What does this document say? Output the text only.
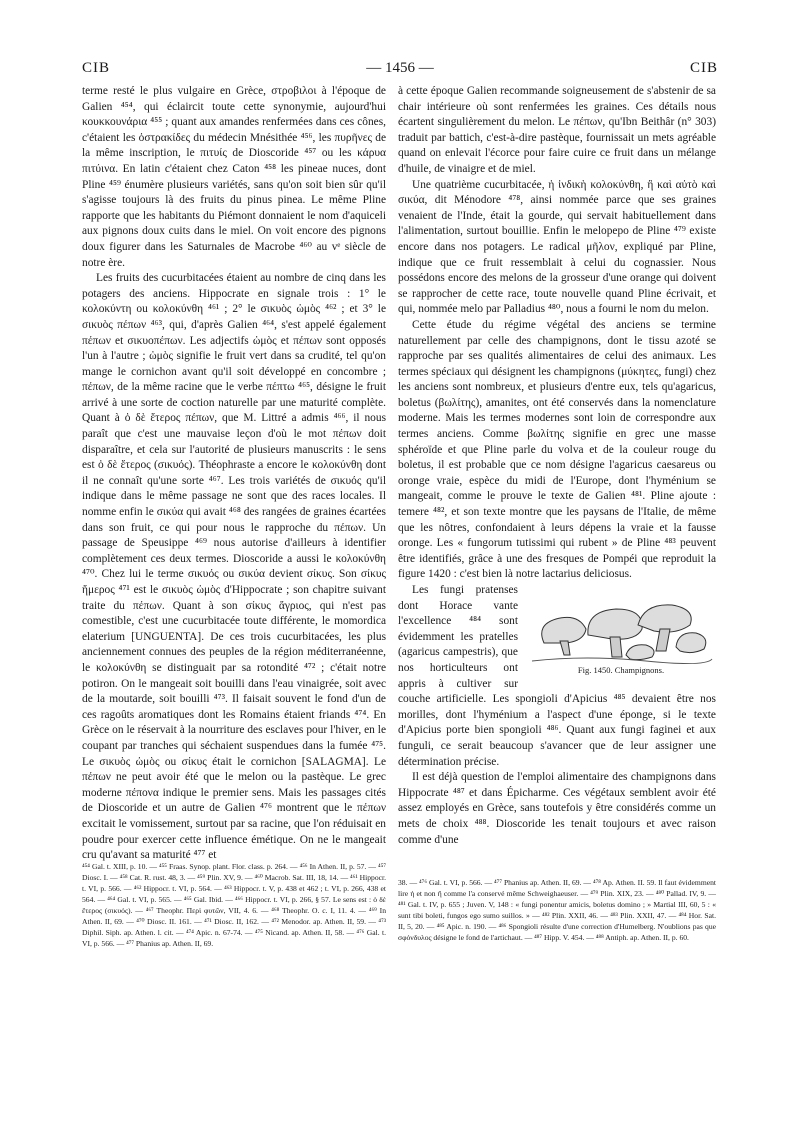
CIB	— 1456 —	CIB

terme resté le plus vulgaire en Grèce, στροβιλοι à l'époque de Galien ⁴⁵⁴, qui éclaircit toute cette synonymie, aujourd'hui κουκκουνάρια ⁴⁵⁵ ; quant aux amandes renfermées dans ces cônes, c'étaient les ὀστρακίδες du médecin Mnésithée ⁴⁵⁶, les πυρῆνες de la même inscription, le πιτυίς de Dioscoride ⁴⁵⁷ ou les κάρυα πιτύινα. En latin c'étaient chez Caton ⁴⁵⁸ les pineae nuces, dont Pline ⁴⁵⁹ énumère plusieurs variétés, sans qu'on soit bien sûr qu'il s'agisse toujours là des fruits du pinus pinea. Le même Pline rapporte que les habitants du Piémont donnaient le nom d'aquiceli aux pignons doux cuits dans le miel. On voit encore des pignons doux figurer dans les Saturnales de Macrobe ⁴⁶⁰ au vᵉ siècle de notre ère.

Les fruits des cucurbitacées étaient au nombre de cinq dans les potagers des anciens. Hippocrate en signale trois : 1° le κολοκύντη ou κολοκύνθη ⁴⁶¹ ; 2° le σικυὸς ὠμὸς ⁴⁶² ; et 3° le σικυὸς πέπων ⁴⁶³, qui, d'après Galien ⁴⁶⁴, s'est appelé également πέπων et σικυοπέπων. Les adjectifs ὠμὸς et πέπων sont opposés l'un à l'autre ; ὠμὸς signifie le fruit vert dans sa crudité, tel qu'on mange le cornichon avant qu'il soit développé en concombre ; πέπων, de la même racine que le verbe πέπτω ⁴⁶⁵, désigne le fruit arrivé à une sorte de coction naturelle par une maturité complète. Quant à ὁ δὲ ἕτερος πέπων, que M. Littré a admis ⁴⁶⁶, il nous paraît que c'est une mauvaise leçon d'où le mot πέπων doit disparaître, et cela sur l'autorité de plusieurs manuscrits : le sens est ὁ δὲ ἕτερος (σικυός). Théophraste a encore le κολοκύνθη dont il ne connaît qu'une sorte ⁴⁶⁷. Les trois variétés de σικυός qu'il indique dans le même passage ne sont que des races locales. Il nomme enfin le σικύα qui avait ⁴⁶⁸ des rangées de graines écartées dans son fruit, ce qui pour nous le rapproche du πέπων. Un passage de Speusippe ⁴⁶⁹ nous autorise d'ailleurs à identifier complètement ces deux termes. Dioscoride a aussi le κολοκύνθη ⁴⁷⁰. Chez lui le terme σικυός ou σικύα devient σίκυς. Son σίκυς ἥμερος ⁴⁷¹ est le σικυὸς ὠμὸς d'Hippocrate ; son chapitre suivant traite du πέπων. Quant à son σίκυς ἄγριος, qui n'est pas comestible, c'est une cucurbitacée toute différente, le momordica elaterium [UNGUENTA]. De ces trois cucurbitacées, les plus anciennement connues des peuples de la région méditerranéenne, le κολοκύνθη se distinguait par sa rotondité ⁴⁷² ; c'était notre potiron. On le mangeait soit bouilli dans l'eau vinaigrée, soit avec de la moutarde, soit bouilli ⁴⁷³. Il faisait souvent le fond d'un de ces ragoûts aromatiques dont les Romains étaient friands ⁴⁷⁴. En Grèce on le réservait à la nourriture des esclaves pour l'hiver, en le coupant par tranches qui séchaient suspendues dans la fumée ⁴⁷⁵. Le σικυὸς ὠμὸς ou σίκυς était le cornichon [SALAGMA]. Le πέπων ne peut avoir été que le melon ou la pastèque. Le grec moderne πέπονα indique le premier sens. Mais les passages cités de Dioscoride et un autre de Galien ⁴⁷⁶ montrent que le πέπων excitait le vomissement, surtout par sa racine, que l'on réduisait en poudre pour exercer cette influence émétique. On ne le mangeait cru qu'avant sa maturité ⁴⁷⁷ et

à cette époque Galien recommande soigneusement de s'abstenir de sa chair intérieure où sont renfermées les graines. Ces détails nous écartent singulièrement du melon. Le πέπων, qu'Ibn Beithâr (n° 303) traduit par battich, c'est-à-dire pastèque, fournissait un mets agréable quand on enlevait l'écorce pour faire cuire ce fruit dans un mélange d'huile, de vinaigre et de miel.

Une quatrième cucurbitacée, ἡ ἰνδικὴ κολοκύνθη, ἢ καὶ αὐτὸ καὶ σικύα, dit Ménodore ⁴⁷⁸, ainsi nommée parce que ses graines venaient de l'Inde, était la gourde, qui servait habituellement dans l'alimentation, surtout bouillie. Enfin le melopepo de Pline ⁴⁷⁹ existe encore dans nos potagers. Le radical μῆλον, expliqué par Pline, indique que ce fruit ressemblait à celui du cognassier. Nous possédons encore des melons de la grosseur d'une orange qui doivent se rapprocher de cette race, toute nouvelle quand Pline écrivait, et qui, nommée melo par Palladius ⁴⁸⁰, nous a fourni le nom du melon.

Cette étude du régime végétal des anciens se termine naturellement par celle des champignons, dont le tissu azoté se rapproche par ses qualités alimentaires de celui des animaux. Les termes spéciaux qui désignent les champignons (μύκητες, fungi) chez les anciens sont nombreux, et plusieurs d'entre eux, tels qu'agaricus, boletus (βωλίτης), amanites, ont été conservés dans la nomenclature moderne. Mais les termes modernes sont loin de correspondre aux termes anciens. Comme βωλίτης signifie en grec une masse sphéroïde et que Pline parle du volva et de la couleur rouge du boletus, il est probable que ce nom désigne l'agaricus caesareus ou oronge vraie, espèce du midi de l'Europe, dont l'hyménium se mangeait, comme le prouve le texte de Galien ⁴⁸¹. Pline ajoute : temere ⁴⁸², et son texte montre que les paysans de l'Italie, de même que les nôtres, confondaient à leurs dépens la vraie et la fausse oronge. Les « fungorum tutissimi qui rubent » de Pline ⁴⁸³ peuvent être identifiés, grâce à une des fresques de Pompéi que reproduit la figure 1420 : c'est bien là notre lactarius deliciosus.

Fig. 1450. Champignons.

Les fungi pratenses dont Horace vante l'excellence ⁴⁸⁴ sont évidemment les pratelles (agaricus campestris), que nos horticulteurs ont appris à cultiver sur couche artificielle. Les spongioli d'Apicius ⁴⁸⁵ devaient être nos morilles, dont l'hyménium a l'aspect d'une éponge, si le texte d'Apicius porte bien spongioli ⁴⁸⁶. Quant aux fungi faginei et aux funguli, ce serait beaucoup s'avancer que de leur assigner une détermination précise.

Il est déjà question de l'emploi alimentaire des champignons dans Hippocrate ⁴⁸⁷ et dans Épicharme. Ces végétaux semblent avoir été assez employés en Grèce, sans toutefois y être considérés comme un mets de choix ⁴⁸⁸. Dioscoride les tenait toujours et avec raison comme d'une

⁴⁵⁴ Gal. t. XIII, p. 10. — ⁴⁵⁵ Fraas. Synop. plant. Flor. class. p. 264. — ⁴⁵⁶ In Athen. II, p. 57. — ⁴⁵⁷ Diosc. I. — ⁴⁵⁸ Cat. R. rust. 48, 3. — ⁴⁵⁹ Plin. XV, 9. — ⁴⁶⁰ Macrob. Sat. III, 18, 14. — ⁴⁶¹ Hippocr. t. VI, p. 566. — ⁴⁶² Hippocr. t. VI, p. 564. — ⁴⁶³ Hippocr. t. V, p. 438 et 462 ; t. VI, p. 266, 438 et 564. — ⁴⁶⁴ Gal. t. VI, p. 565. — ⁴⁶⁵ Gal. Ibid. — ⁴⁶⁶ Hippocr. t. VI, p. 266, § 57. Le sens est : ὁ δὲ ἕτερος (σικυός). — ⁴⁶⁷ Theophr. Περὶ φυτῶν, VII, 4. 6. — ⁴⁶⁸ Theophr. O. c. I, 11. 4. — ⁴⁶⁹ In Athen. II, 69. — ⁴⁷⁰ Diosc. II. 161. — ⁴⁷¹ Diosc. II, 162. — ⁴⁷² Menodor. ap. Athen. II, 59. — ⁴⁷³ Diphil. Siph. ap. Athen. l. cit. — ⁴⁷⁴ Apic. n. 67-74. — ⁴⁷⁵ Nicand. ap. Athen. II, 58. — ⁴⁷⁶ Gal. t. VI, p. 566. — ⁴⁷⁷ Phanius ap. Athen. II, 69.
38. — ⁴⁷⁶ Gal. t. VI, p. 566. — ⁴⁷⁷ Phanius ap. Athen. II, 69. — ⁴⁷⁸ Ap. Athen. II. 59. Il faut évidemment lire ἡ et non ἢ comme l'a conservé même Schweighaeuser. — ⁴⁷⁹ Plin. XIX, 23. — ⁴⁸⁰ Pallad. IV, 9. — ⁴⁸¹ Gal. t. IV, p. 655 ; Juven. V, 148 : « fungi ponentur amicis, boletus domino ; » Martial III, 60, 5 : « sunt tibi boleti, fungos ego sumo suillos. » — ⁴⁸² Plin. XXII, 46. — ⁴⁸³ Plin. XXII, 47. — ⁴⁸⁴ Hor. Sat. II, 5, 20. — ⁴⁸⁵ Apic. n. 190. — ⁴⁸⁶ Spongioli résulte d'une correction d'Humelberg. N'oublions pas que σφόνδυλος désigne le fond de l'artichaut. — ⁴⁸⁷ Hipp. V. 454. — ⁴⁸⁸ Antiph. ap. Athen. II, p. 60.
